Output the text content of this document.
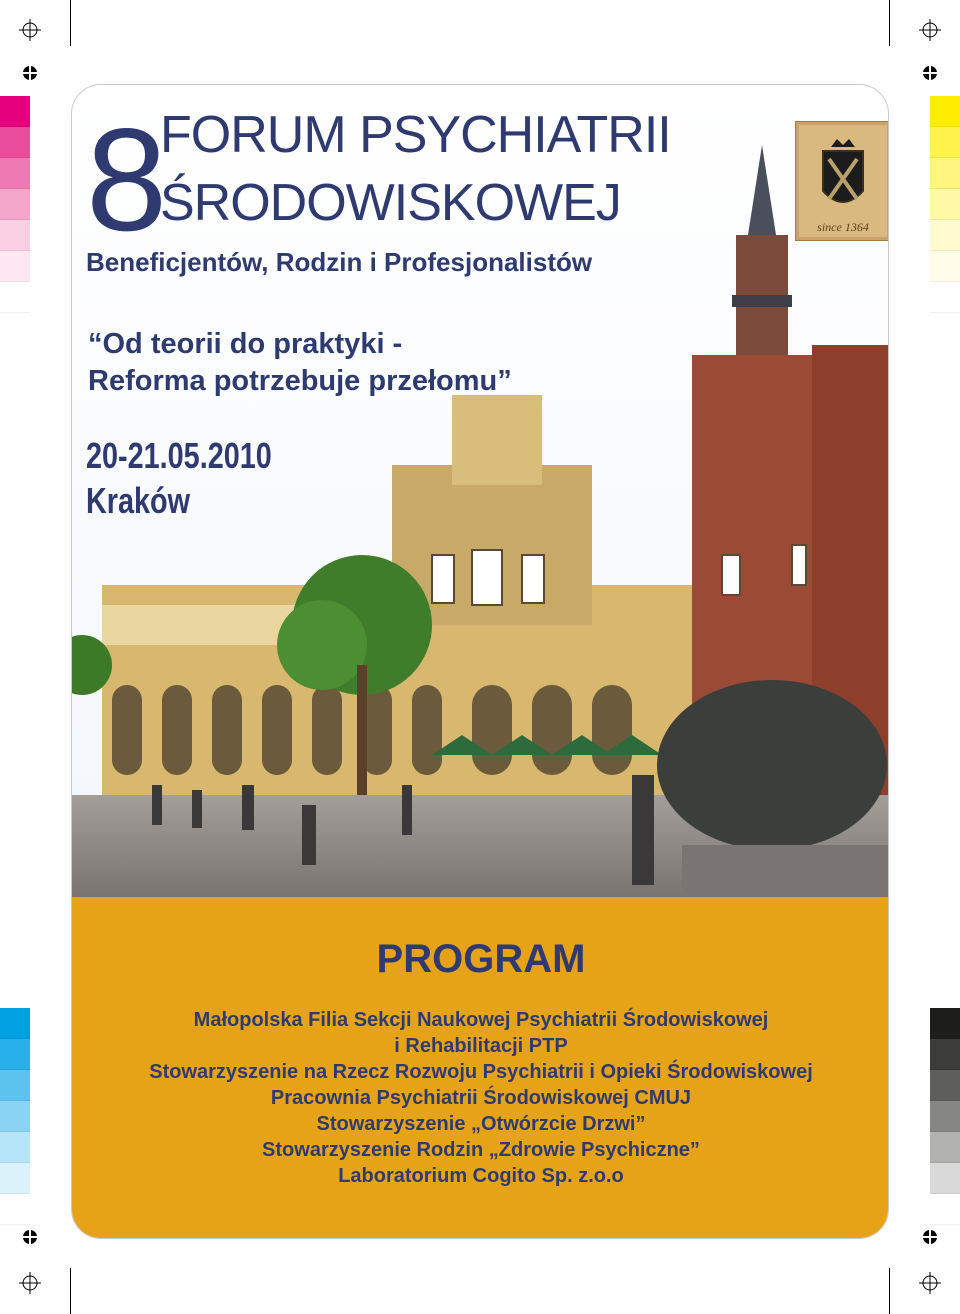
8
FORUM PSYCHIATRII
ŚRODOWISKOWEJ
Beneficjentów, Rodzin i Profesjonalistów
“Od teorii do praktyki -
Reforma potrzebuje przełomu”
20-21.05.2010
Kraków
since 1364
PROGRAM
Małopolska Filia Sekcji Naukowej Psychiatrii Środowiskowej
i Rehabilitacji PTP
Stowarzyszenie na Rzecz Rozwoju Psychiatrii i Opieki Środowiskowej
Pracownia Psychiatrii Środowiskowej CMUJ
Stowarzyszenie „Otwórzcie Drzwi”
Stowarzyszenie Rodzin „Zdrowie Psychiczne”
Laboratorium Cogito Sp. z.o.o
